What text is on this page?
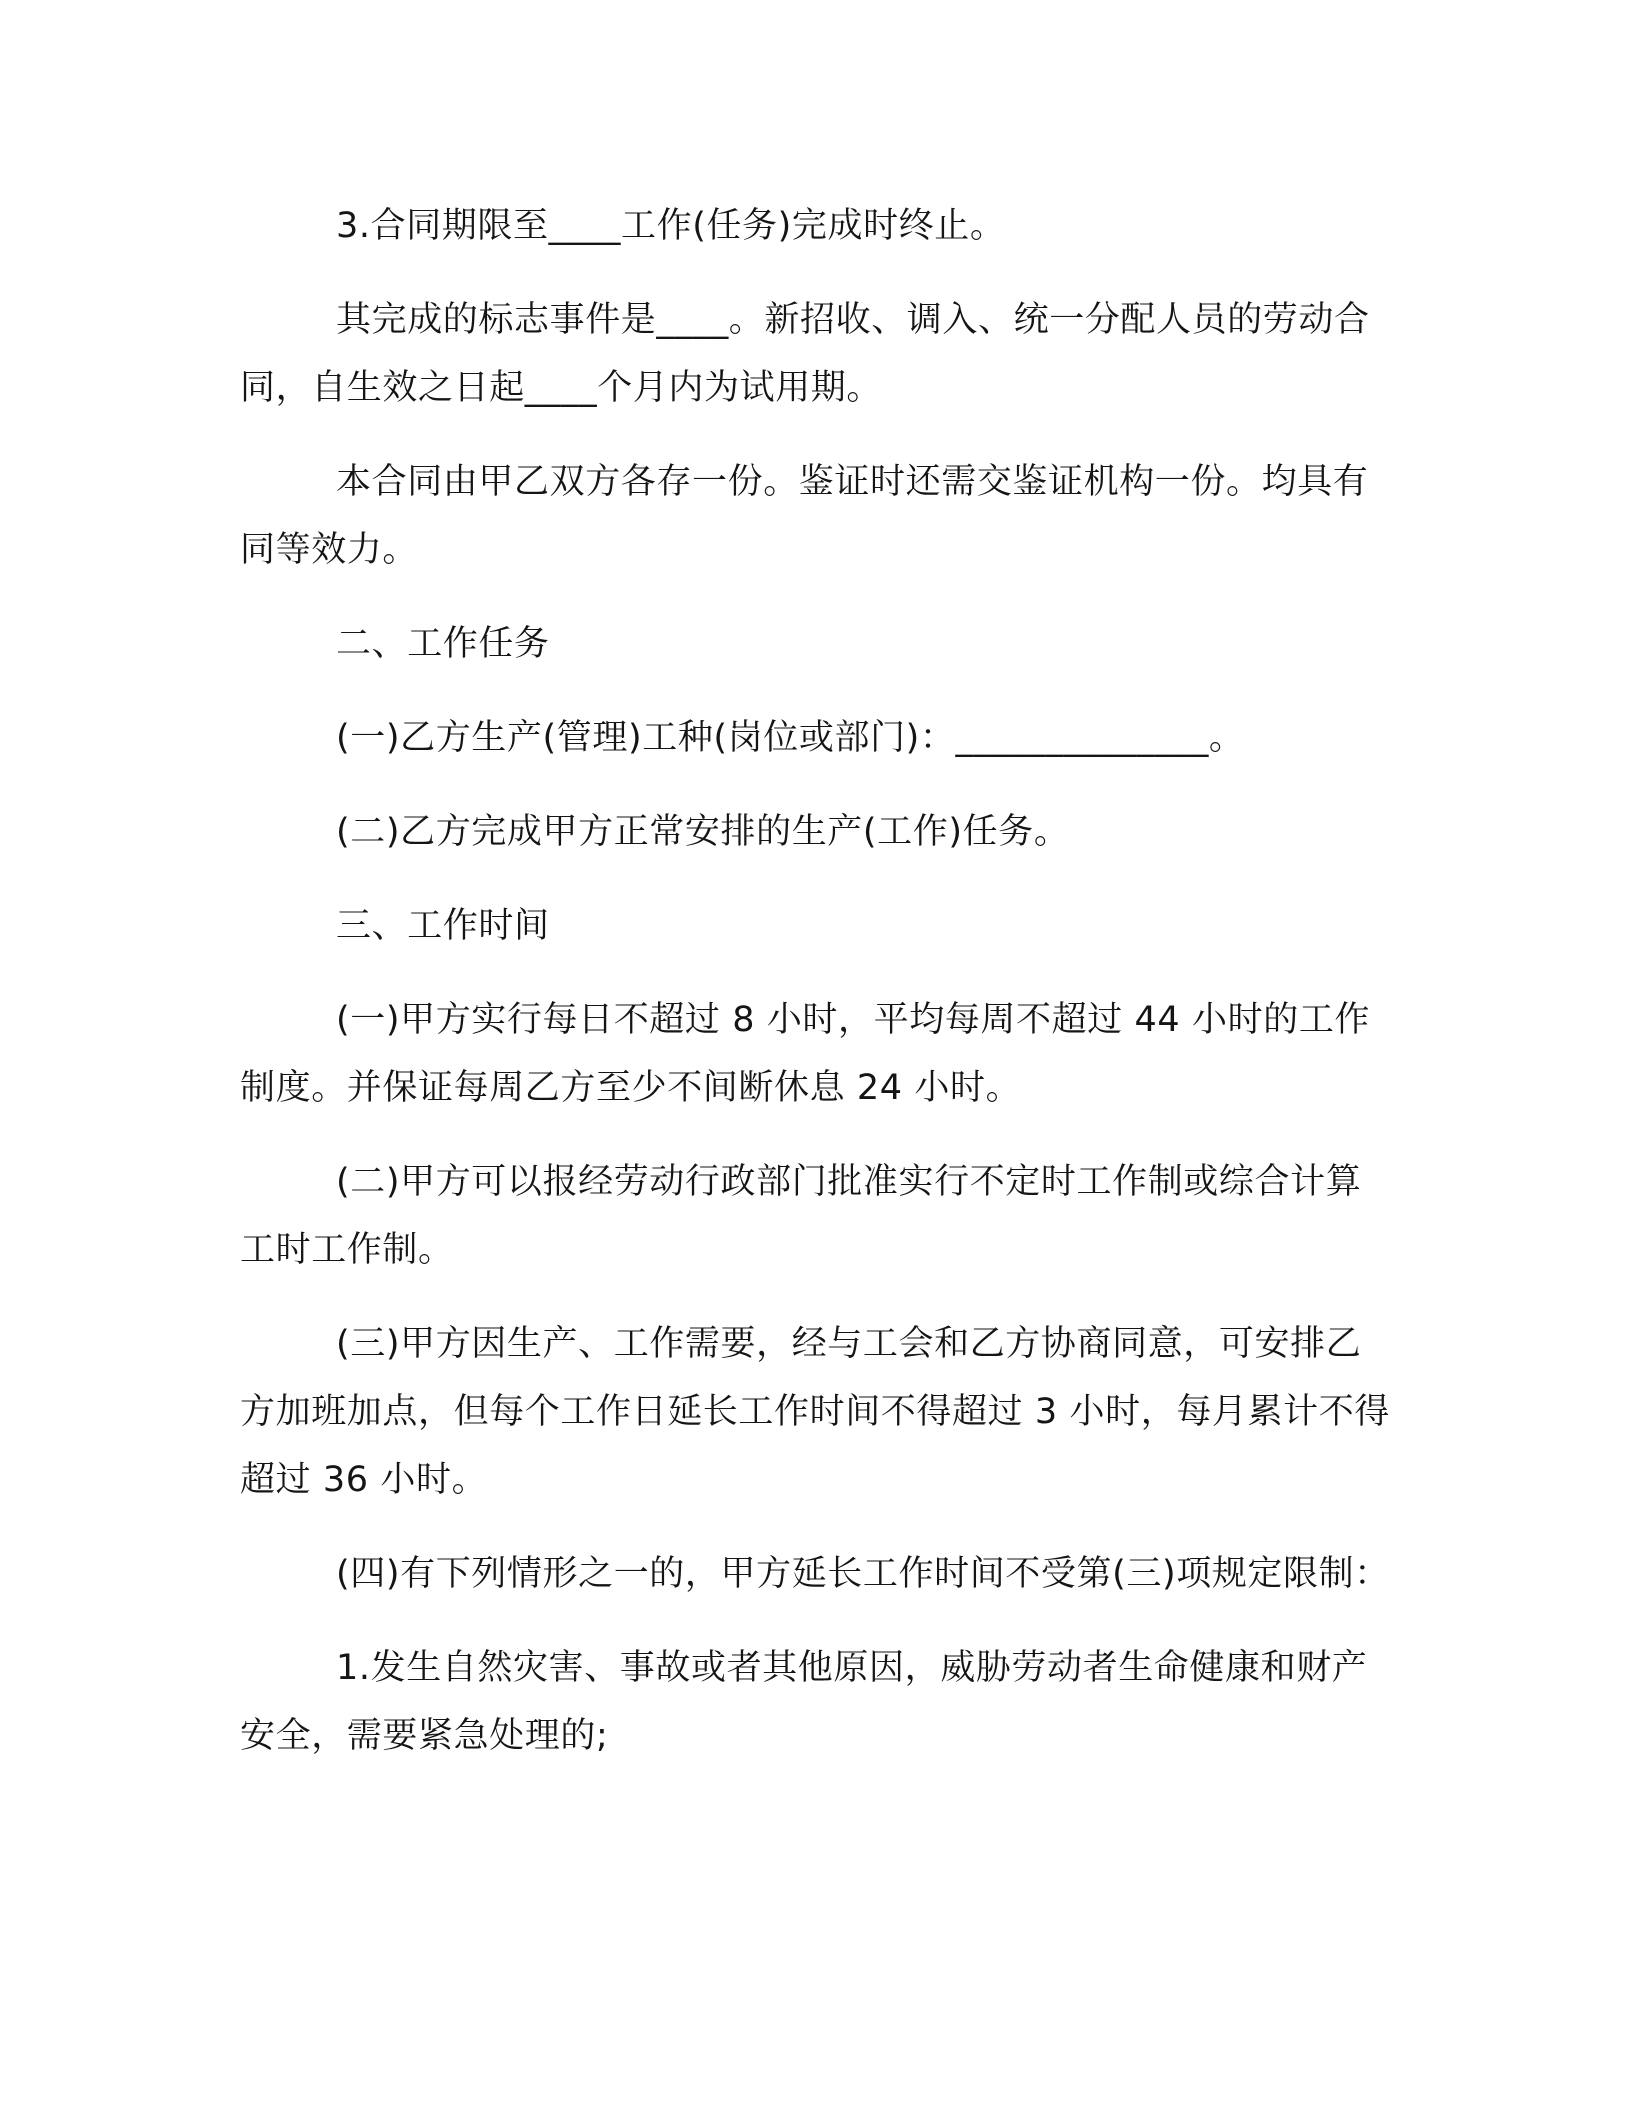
3.合同期限至____工作(任务)完成时终止。

其完成的标志事件是____。新招收、调入、统一分配人员的劳动合同，自生效之日起____个月内为试用期。

本合同由甲乙双方各存一份。鉴证时还需交鉴证机构一份。均具有同等效力。

二、工作任务

(一)乙方生产(管理)工种(岗位或部门)：______________。

(二)乙方完成甲方正常安排的生产(工作)任务。

三、工作时间

(一)甲方实行每日不超过 8 小时，平均每周不超过 44 小时的工作制度。并保证每周乙方至少不间断休息 24 小时。

(二)甲方可以报经劳动行政部门批准实行不定时工作制或综合计算工时工作制。

(三)甲方因生产、工作需要，经与工会和乙方协商同意，可安排乙方加班加点，但每个工作日延长工作时间不得超过 3 小时，每月累计不得超过 36 小时。

(四)有下列情形之一的，甲方延长工作时间不受第(三)项规定限制：

1.发生自然灾害、事故或者其他原因，威胁劳动者生命健康和财产安全，需要紧急处理的;
